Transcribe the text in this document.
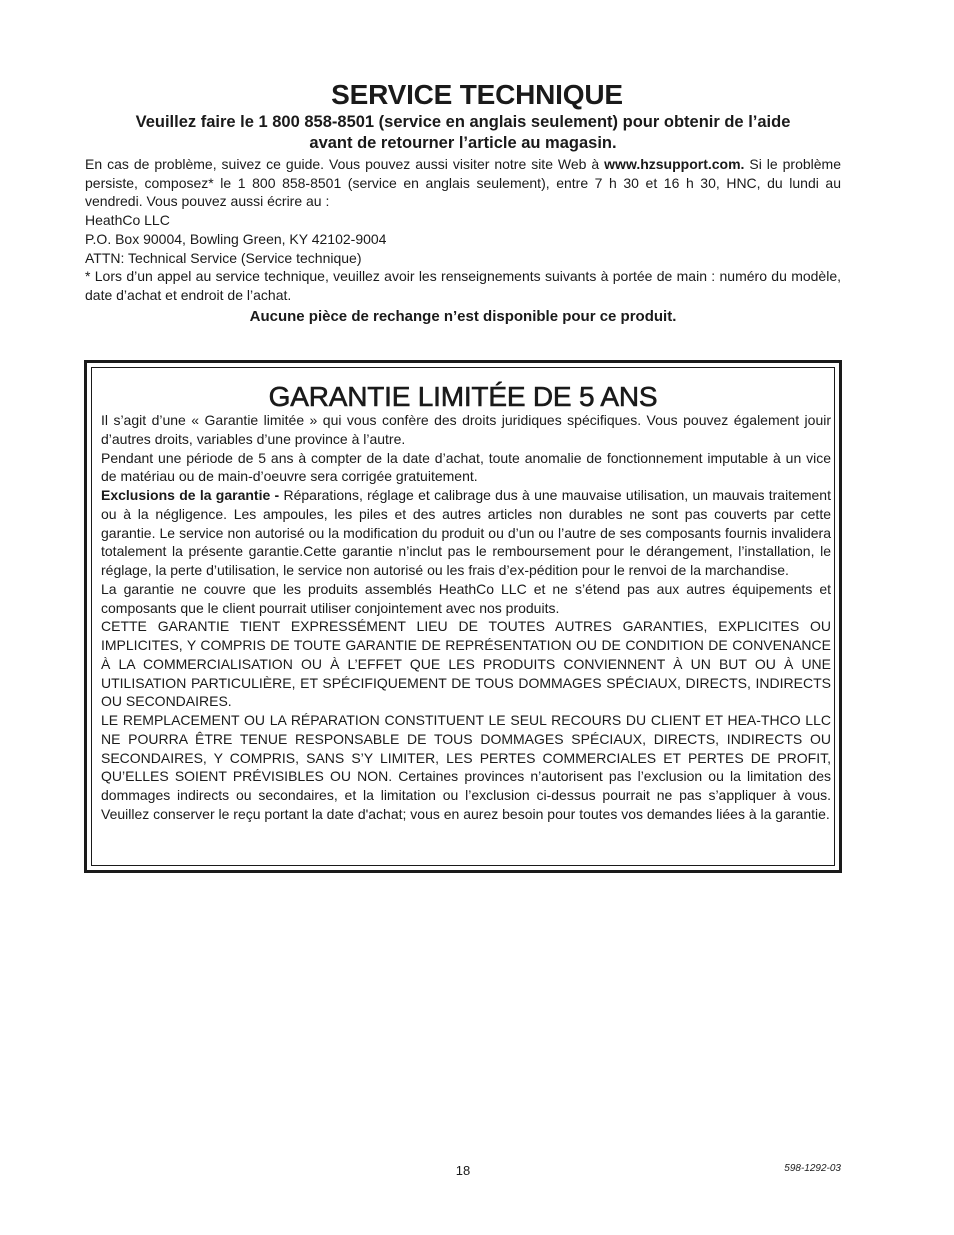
SERVICE TECHNIQUE

Veuillez faire le 1 800 858-8501 (service en anglais seulement) pour obtenir de l’aide
avant de retourner l’article au magasin.

En cas de problème, suivez ce guide. Vous pouvez aussi visiter notre site Web à www.hzsupport.com. Si le problème persiste, composez* le 1 800 858-8501 (service en anglais seulement), entre 7 h 30 et 16 h 30, HNC, du lundi au vendredi. Vous pouvez aussi écrire au :

HeathCo LLC

P.O. Box 90004, Bowling Green, KY 42102-9004

ATTN: Technical Service (Service technique)

* Lors d’un appel au service technique, veuillez avoir les renseignements suivants à portée de main : numéro du modèle, date d’achat et endroit de l’achat.

Aucune pièce de rechange n’est disponible pour ce produit.

GARANTIE LIMITÉE DE 5 ANS

Il s’agit d’une « Garantie limitée » qui vous confère des droits juridiques spécifiques. Vous pouvez également jouir d’autres droits, variables d’une province à l’autre.

Pendant une période de 5 ans à compter de la date d’achat, toute anomalie de fonctionnement imputable à un vice de matériau ou de main-d’oeuvre sera corrigée gratuitement.

Exclusions de la garantie - Réparations, réglage et calibrage dus à une mauvaise utilisation, un mauvais traitement ou à la négligence. Les ampoules, les piles et des autres articles non durables ne sont pas couverts par cette garantie. Le service non autorisé ou la modification du produit ou d’un ou l’autre de ses composants fournis invalidera totalement la présente garantie.Cette garantie n’inclut pas le remboursement pour le dérangement, l’installation, le réglage, la perte d’utilisation, le service non autorisé ou les frais d’ex-pédition pour le renvoi de la marchandise.

La garantie ne couvre que les produits assemblés HeathCo LLC et ne s’étend pas aux autres équipements et composants que le client pourrait utiliser conjointement avec nos produits.

CETTE GARANTIE TIENT EXPRESSÉMENT LIEU DE TOUTES AUTRES GARANTIES, EXPLICITES OU IMPLICITES, Y COMPRIS DE TOUTE GARANTIE DE REPRÉSENTATION OU DE CONDITION DE CONVENANCE À LA COMMERCIALISATION OU À L’EFFET QUE LES PRODUITS CONVIENNENT À UN BUT OU À UNE UTILISATION PARTICULIÈRE, ET SPÉCIFIQUEMENT DE TOUS DOMMAGES SPÉCIAUX, DIRECTS, INDIRECTS OU SECONDAIRES.

LE REMPLACEMENT OU LA RÉPARATION CONSTITUENT LE SEUL RECOURS DU CLIENT ET HEA-THCO LLC NE POURRA ÊTRE TENUE RESPONSABLE DE TOUS DOMMAGES SPÉCIAUX, DIRECTS, INDIRECTS OU SECONDAIRES, Y COMPRIS, SANS S’Y LIMITER, LES PERTES COMMERCIALES ET PERTES DE PROFIT, QU’ELLES SOIENT PRÉVISIBLES OU NON. Certaines provinces n’autorisent pas l’exclusion ou la limitation des dommages indirects ou secondaires, et la limitation ou l’exclusion ci-dessus pourrait ne pas s’appliquer à vous. Veuillez conserver le reçu portant la date d'achat; vous en aurez besoin pour toutes vos demandes liées à la garantie.

18	598-1292-03
